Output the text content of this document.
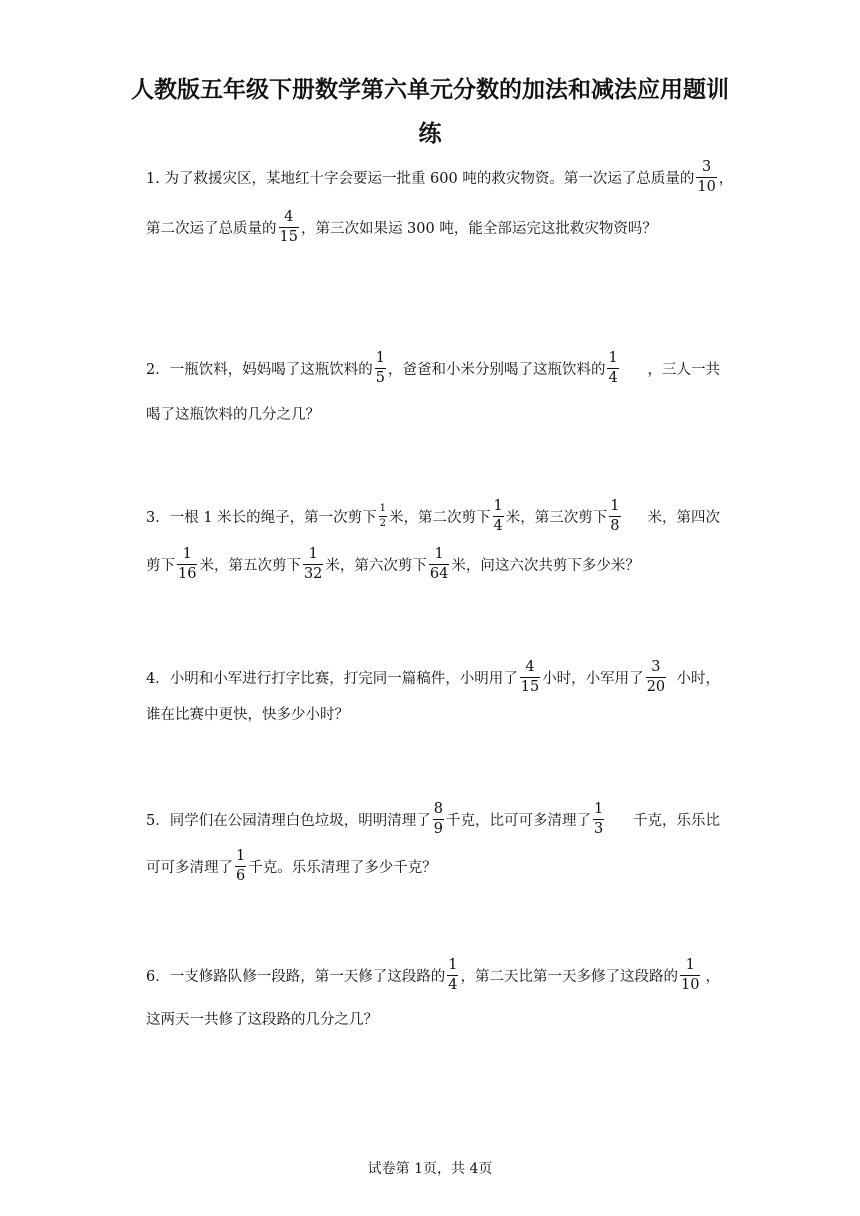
人教版五年级下册数学第六单元分数的加法和减法应用题训
练
1. 为了救援灾区，某地红十字会要运一批重 600 吨的救灾物资。第一次运了总质量的 $\frac{3}{10}$ ，
第二次运了总质量的 $\frac{4}{15}$ ，第三次如果运 300 吨，能全部运完这批救灾物资吗？
2．一瓶饮料，妈妈喝了这瓶饮料的 $\frac{1}{5}$ ，爸爸和小米分别喝了这瓶饮料的 $\frac{1}{4}$ ，三人一共
喝了这瓶饮料的几分之几？
3．一根 1 米长的绳子，第一次剪下 $\frac{1}{2}$ 米，第二次剪下 $\frac{1}{4}$ 米，第三次剪下 $\frac{1}{8}$ 米，第四次
剪下 $\frac{1}{16}$ 米，第五次剪下 $\frac{1}{32}$ 米，第六次剪下 $\frac{1}{64}$ 米，问这六次共剪下多少米？
4．小明和小军进行打字比赛，打完同一篇稿件，小明用了 $\frac{4}{15}$ 小时，小军用了 $\frac{3}{20}$ 小时，
谁在比赛中更快，快多少小时？
5．同学们在公园清理白色垃圾，明明清理了 $\frac{8}{9}$ 千克，比可可多清理了 $\frac{1}{3}$ 千克，乐乐比
可可多清理了 $\frac{1}{6}$ 千克。乐乐清理了多少千克？
6．一支修路队修一段路，第一天修了这段路的 $\frac{1}{4}$ ，第二天比第一天多修了这段路的 $\frac{1}{10}$ ，
这两天一共修了这段路的几分之几？
试卷第 1页，共 4页
